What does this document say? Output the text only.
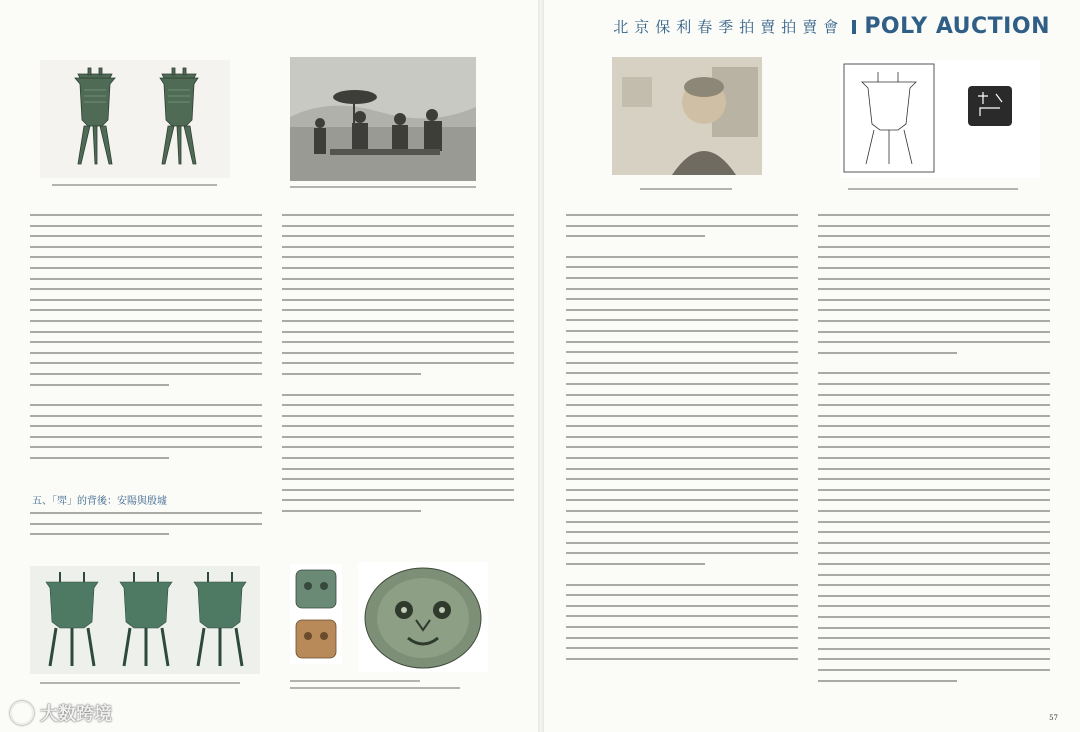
北京保利春季拍賣拍賣會 POLY AUCTION
五、「斝」的背後：安陽與殷墟
大数跨境	57
